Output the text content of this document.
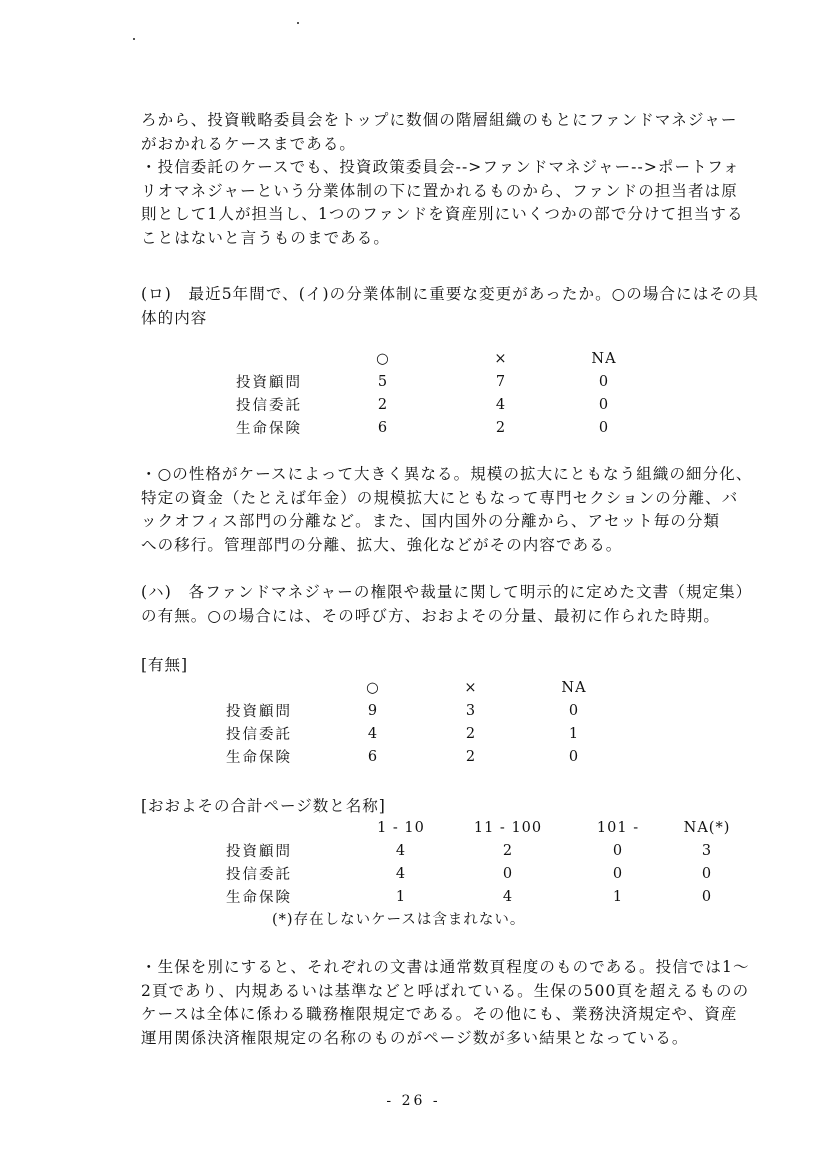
ろから、投資戦略委員会をトップに数個の階層組織のもとにファンドマネジャー
がおかれるケースまである。
・投信委託のケースでも、投資政策委員会-->ファンドマネジャー-->ポートフォ
リオマネジャーという分業体制の下に置かれるものから、ファンドの担当者は原
則として1人が担当し、1つのファンドを資産別にいくつかの部で分けて担当する
ことはないと言うものまである。
(ロ)　最近5年間で、(イ)の分業体制に重要な変更があったか。○の場合にはその具
体的内容
	○	×	NA
投資顧問	5	7	0
投信委託	2	4	0
生命保険	6	2	0
・○の性格がケースによって大きく異なる。規模の拡大にともなう組織の細分化、
特定の資金（たとえば年金）の規模拡大にともなって専門セクションの分離、バ
ックオフィス部門の分離など。また、国内国外の分離から、アセット毎の分類
への移行。管理部門の分離、拡大、強化などがその内容である。
(ハ)　各ファンドマネジャーの権限や裁量に関して明示的に定めた文書（規定集）
の有無。○の場合には、その呼び方、おおよその分量、最初に作られた時期。
[有無]
	○	×	NA
投資顧問	9	3	0
投信委託	4	2	1
生命保険	6	2	0
[おおよその合計ページ数と名称]
	1 - 10	11 - 100	101 -	NA(*)
投資顧問	4	2	0	3
投信委託	4	0	0	0
生命保険	1	4	1	0
(*)存在しないケースは含まれない。
・生保を別にすると、それぞれの文書は通常数頁程度のものである。投信では1～
2頁であり、内規あるいは基準などと呼ばれている。生保の500頁を超えるものの
ケースは全体に係わる職務権限規定である。その他にも、業務決済規定や、資産
運用関係決済権限規定の名称のものがページ数が多い結果となっている。
- 26 -
